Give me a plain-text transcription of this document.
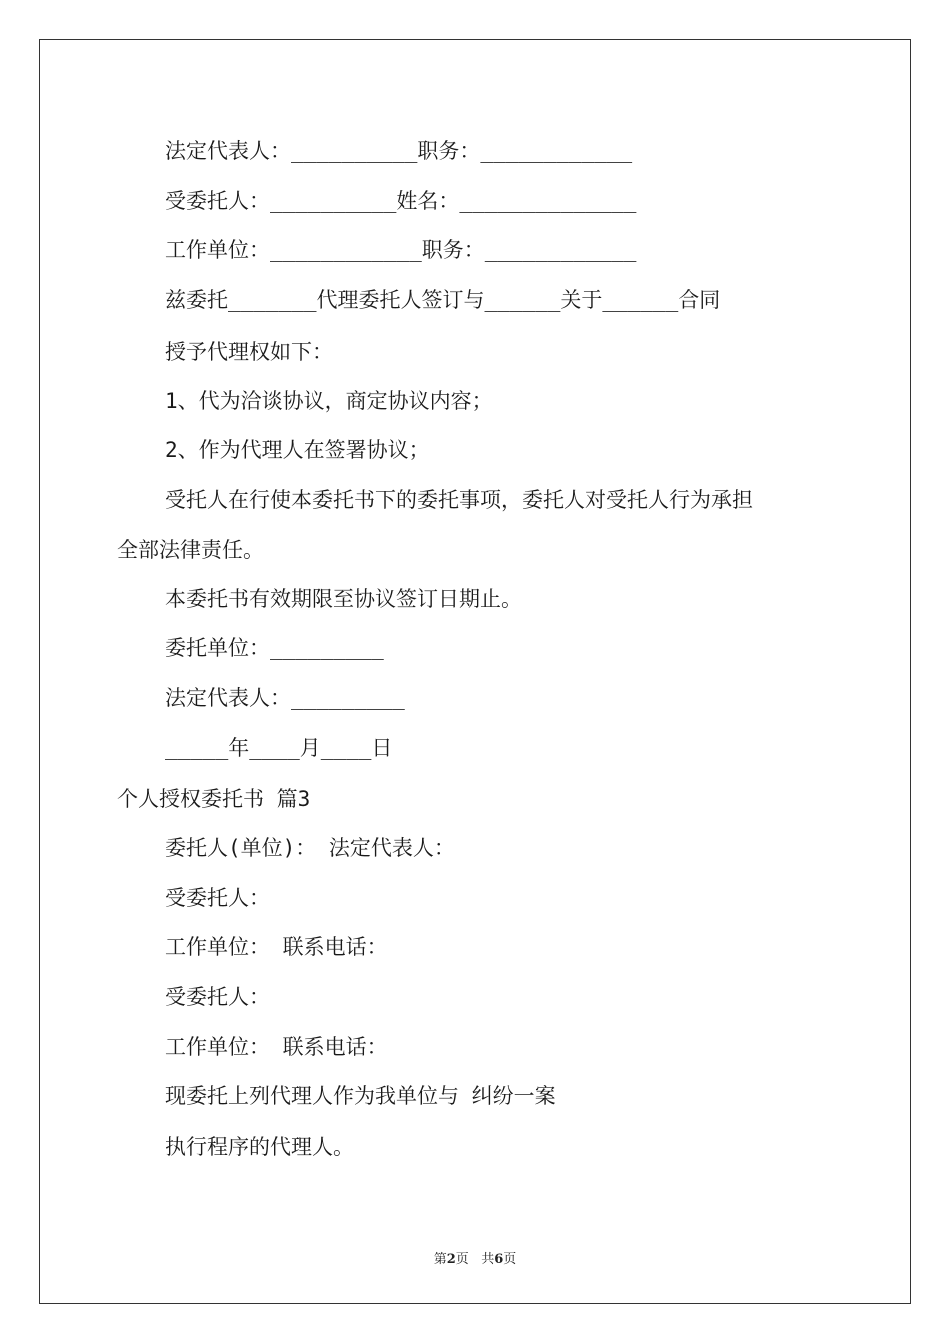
法定代表人：__________职务：____________
受委托人：__________姓名：______________
工作单位：____________职务：____________
兹委托_______代理委托人签订与______关于______合同
授予代理权如下：
1、代为洽谈协议，商定协议内容；
2、作为代理人在签署协议；
受托人在行使本委托书下的委托事项，委托人对受托人行为承担
全部法律责任。
本委托书有效期限至协议签订日期止。
委托单位：_________
法定代表人：_________
_____年____月____日
个人授权委托书 篇3
委托人(单位)： 法定代表人：
受委托人：
工作单位： 联系电话：
受委托人：
工作单位： 联系电话：
现委托上列代理人作为我单位与 纠纷一案
执行程序的代理人。
第2页 共6页
